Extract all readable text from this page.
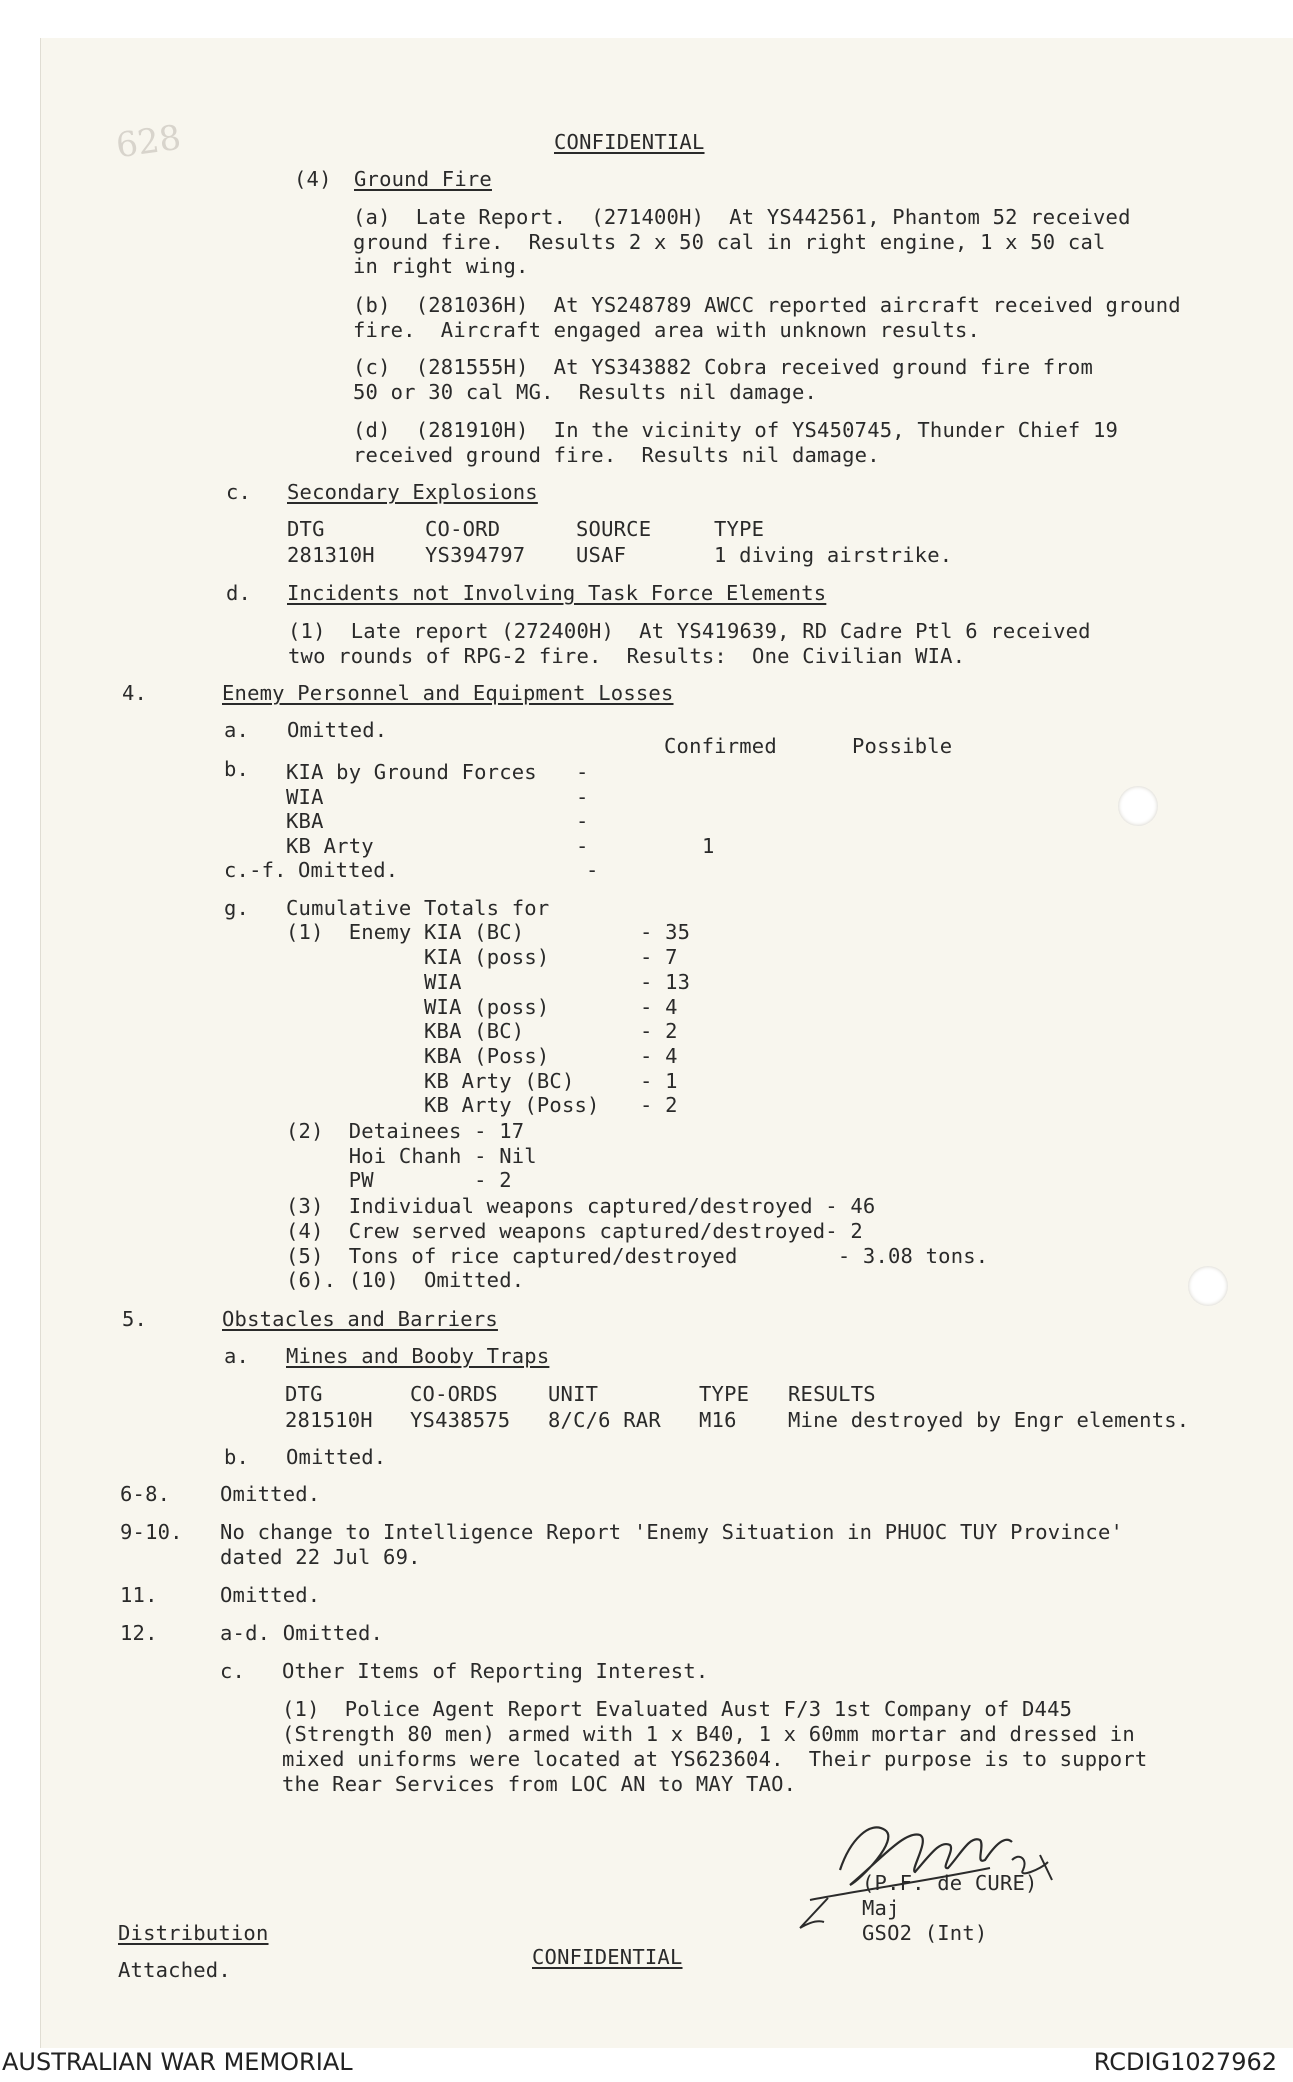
628	CONFIDENTIAL
(4) Ground Fire
(a)  Late Report.  (271400H)  At YS442561, Phantom 52 received
ground fire.  Results 2 x 50 cal in right engine, 1 x 50 cal
in right wing.
(b)  (281036H)  At YS248789 AWCC reported aircraft received ground
fire.  Aircraft engaged area with unknown results.
(c)  (281555H)  At YS343882 Cobra received ground fire from
50 or 30 cal MG.  Results nil damage.
(d)  (281910H)  In the vicinity of YS450745, Thunder Chief 19
received ground fire.  Results nil damage.
c. Secondary Explosions
DTG	CO-ORD	SOURCE	TYPE
281310H YS394797 USAF	1 diving airstrike.
d. Incidents not Involving Task Force Elements
(1)  Late report (272400H)  At YS419639, RD Cadre Ptl 6 received
two rounds of RPG-2 fire.  Results:  One Civilian WIA.
4.	Enemy Personnel and Equipment Losses
a. Omitted.
Confirmed	Possible
b. KIA by Ground Forces -
WIA	-
KBA	-
KB Arty	-	1
c.-f. Omitted.	-
g. Cumulative Totals for
(1)  Enemy KIA (BC)	- 35
KIA (poss)	- 7
WIA	- 13
WIA (poss)	- 4
KBA (BC)	- 2
KBA (Poss)	- 4
KB Arty (BC)	- 1
KB Arty (Poss) - 2
(2)  Detainees - 17
Hoi Chanh - Nil
PW        - 2
(3)  Individual weapons captured/destroyed - 46
(4)  Crew served weapons captured/destroyed- 2
(5)  Tons of rice captured/destroyed        - 3.08 tons.
(6). (10)  Omitted.
5.	Obstacles and Barriers
a. Mines and Booby Traps
DTG	CO-ORDS UNIT	TYPE RESULTS
281510H YS438575 8/C/6 RAR M16	Mine destroyed by Engr elements.
b. Omitted.
6-8. Omitted.
9-10. No change to Intelligence Report 'Enemy Situation in PHUOC TUY Province'
dated 22 Jul 69.
11.	Omitted.
12.	a-d. Omitted.
c. Other Items of Reporting Interest.
(1)  Police Agent Report Evaluated Aust F/3 1st Company of D445
(Strength 80 men) armed with 1 x B40, 1 x 60mm mortar and dressed in
mixed uniforms were located at YS623604.  Their purpose is to support
the Rear Services from LOC AN to MAY TAO.
(P.F. de CURE)
Maj
GSO2 (Int)
Distribution
Attached.
CONFIDENTIAL
AUSTRALIAN WAR MEMORIAL	RCDIG1027962
